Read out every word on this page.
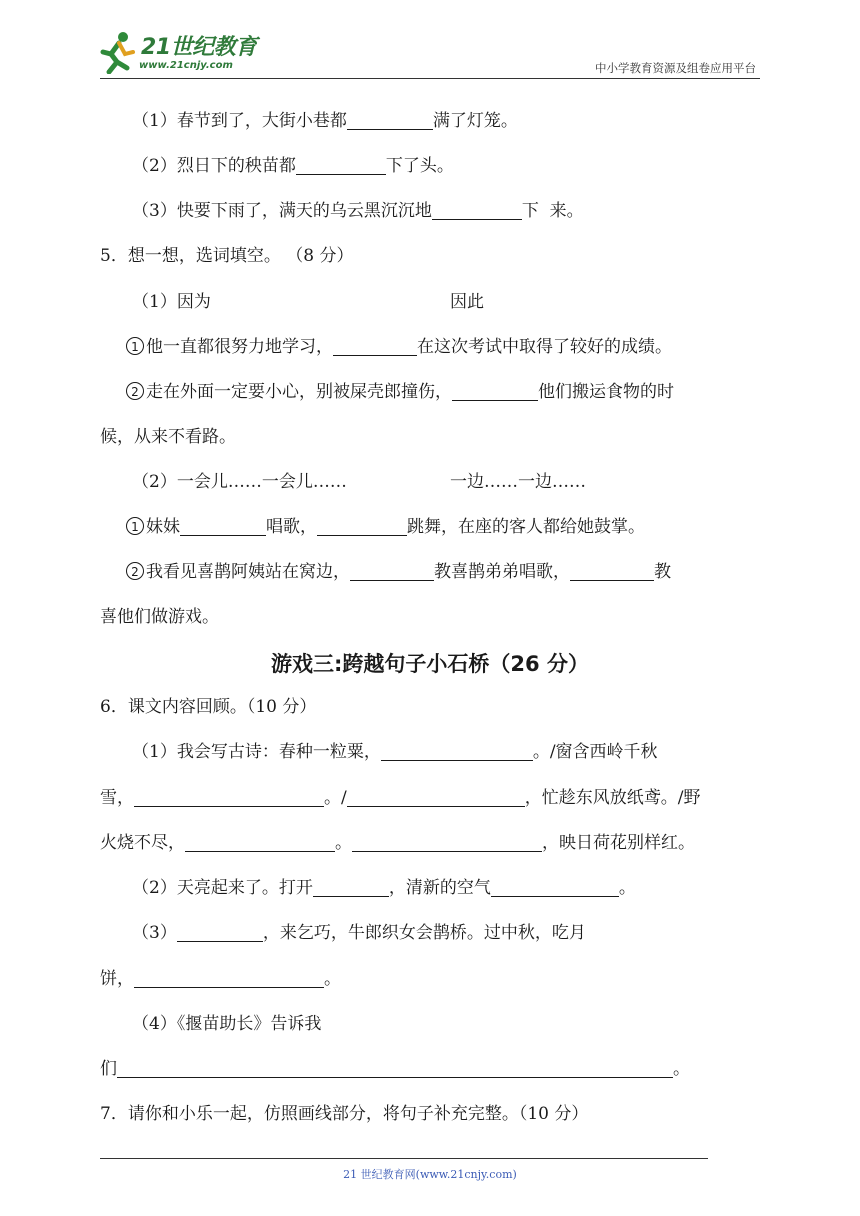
21世纪教育
www.21cnjy.com	中小学教育资源及组卷应用平台
（1）春节到了，大街小巷都	满了灯笼。
（2）烈日下的秧苗都	下了头。
（3）快要下雨了，满天的乌云黑沉沉地	下  来。
5．想一想，选词填空。 （8 分）
（1）因为	因此
1 他一直都很努力地学习，	在这次考试中取得了较好的成绩。
2 走在外面一定要小心，别被屎壳郎撞伤，	他们搬运食物的时
候，从来不看路。
（2）一会儿……一会儿……	一边……一边……
1 妹妹	唱歌，	跳舞，在座的客人都给她鼓掌。
2 我看见喜鹊阿姨站在窝边，	教喜鹊弟弟唱歌，	教
喜他们做游戏。
游戏三:跨越句子小石桥（26 分）
6．课文内容回顾。（10 分）
（1）我会写古诗：春种一粒粟，	。/窗含西岭千秋
雪，	。/	，忙趁东风放纸鸢。/野
火烧不尽，	。	，映日荷花别样红。
（2）天亮起来了。打开	，清新的空气	。
（3）	，来乞巧，牛郎织女会鹊桥。过中秋，吃月
饼，	。
（4）《揠苗助长》告诉我
们	。
7．请你和小乐一起，仿照画线部分，将句子补充完整。（10 分）
21 世纪教育网(www.21cnjy.com)
